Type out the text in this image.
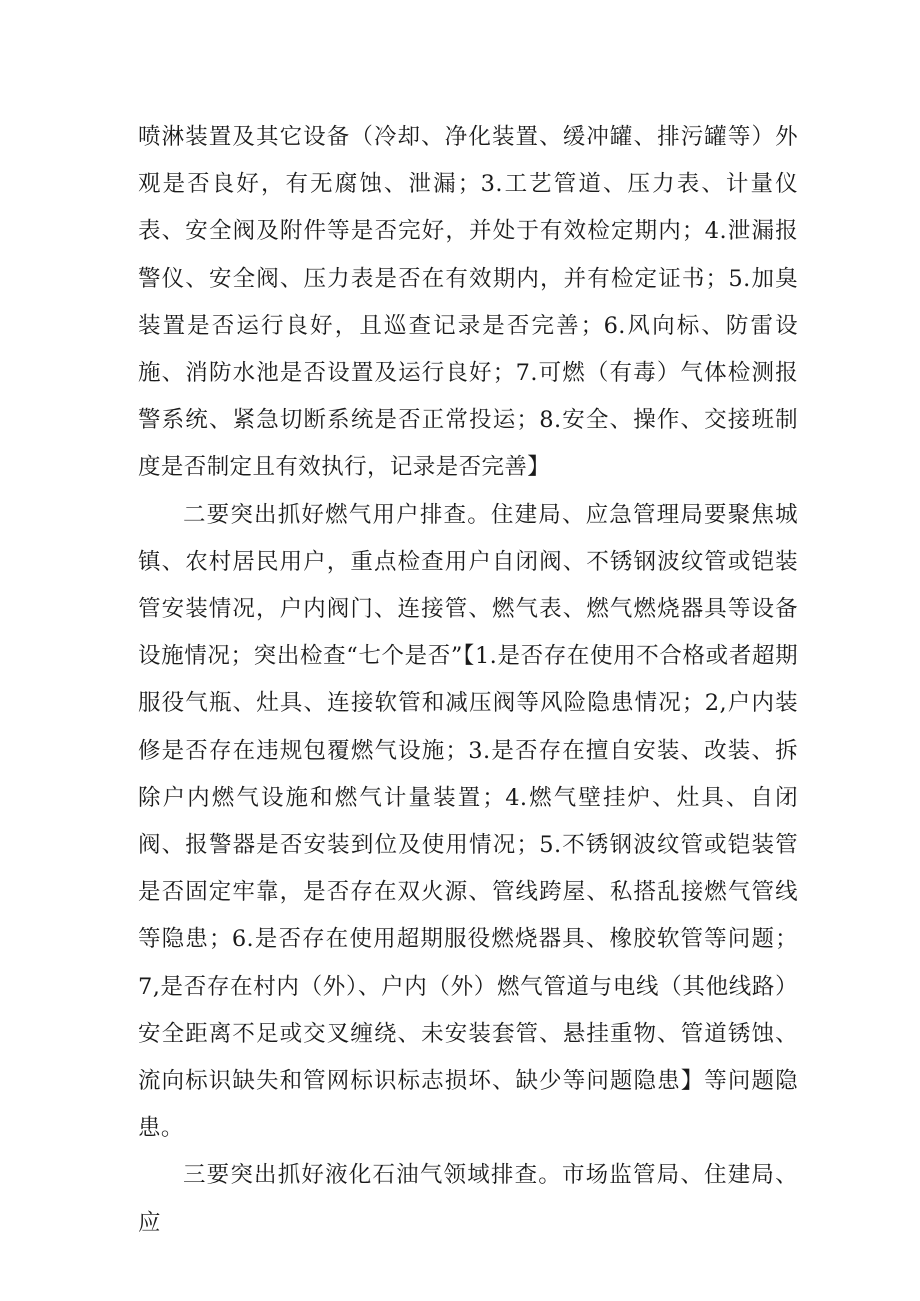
喷淋装置及其它设备（冷却、净化装置、缓冲罐、排污罐等）外观是否良好，有无腐蚀、泄漏；3.工艺管道、压力表、计量仪表、安全阀及附件等是否完好，并处于有效检定期内；4.泄漏报警仪、安全阀、压力表是否在有效期内，并有检定证书；5.加臭装置是否运行良好，且巡查记录是否完善；6.风向标、防雷设施、消防水池是否设置及运行良好；7.可燃（有毒）气体检测报警系统、紧急切断系统是否正常投运；8.安全、操作、交接班制度是否制定且有效执行，记录是否完善】

二要突出抓好燃气用户排查。住建局、应急管理局要聚焦城镇、农村居民用户，重点检查用户自闭阀、不锈钢波纹管或铠装管安装情况，户内阀门、连接管、燃气表、燃气燃烧器具等设备设施情况；突出检查“七个是否”【1.是否存在使用不合格或者超期服役气瓶、灶具、连接软管和减压阀等风险隐患情况；2,户内装修是否存在违规包覆燃气设施；3.是否存在擅自安装、改装、拆除户内燃气设施和燃气计量装置；4.燃气壁挂炉、灶具、自闭阀、报警器是否安装到位及使用情况；5.不锈钢波纹管或铠装管是否固定牢靠，是否存在双火源、管线跨屋、私搭乱接燃气管线等隐患；6.是否存在使用超期服役燃烧器具、橡胶软管等问题；7,是否存在村内（外）、户内（外）燃气管道与电线（其他线路）安全距离不足或交叉缠绕、未安装套管、悬挂重物、管道锈蚀、流向标识缺失和管网标识标志损坏、缺少等问题隐患】等问题隐患。

三要突出抓好液化石油气领域排查。市场监管局、住建局、应
